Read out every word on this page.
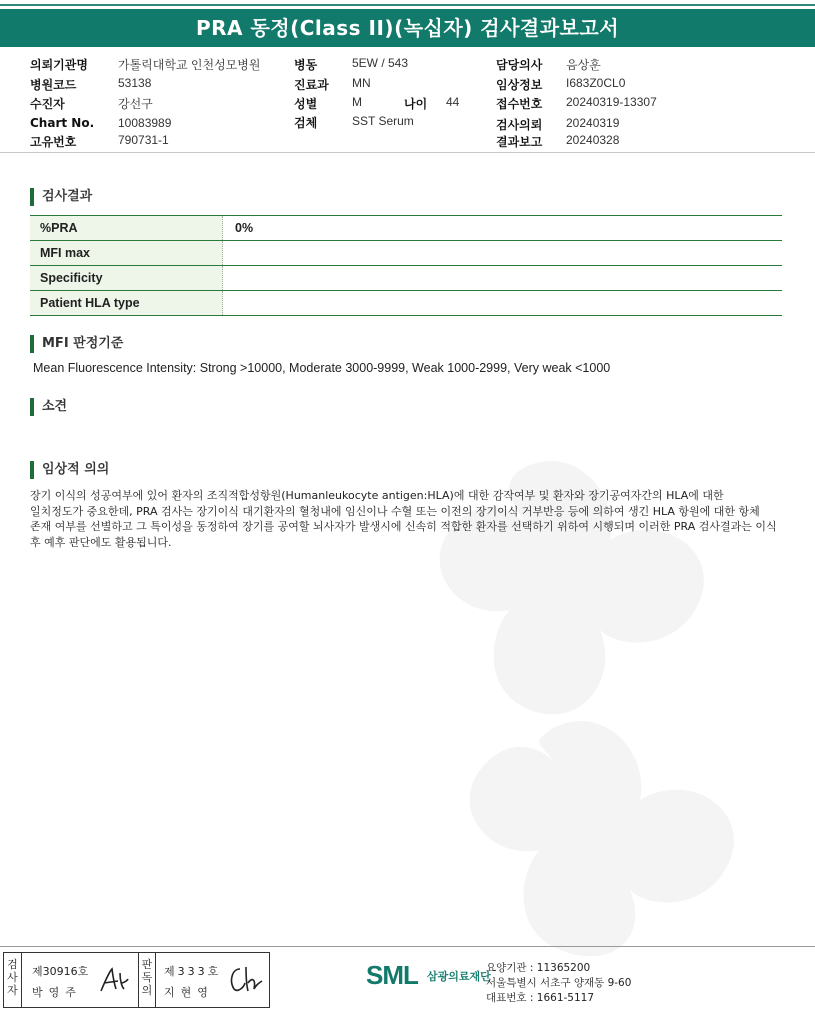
PRA 동정(Class II)(녹십자) 검사결과보고서
의뢰기관명	가톨릭대학교 인천성모병원
병원코드	53138
수진자	강선구
Chart No. 10083989
고유번호	790731-1
병동	5EW / 543
진료과 MN
성별	M	나이 44
검체	SST Serum
담당의사 음상훈
임상정보 I683Z0CL0
접수번호 20240319-13307
검사의뢰 20240319
결과보고 20240328
검사결과
%PRA	0%
MFI max	
Specificity	
Patient HLA type	
MFI 판정기준
Mean Fluorescence Intensity: Strong >10000, Moderate 3000-9999, Weak 1000-2999, Very weak <1000
소견
임상적 의의
장기 이식의 성공여부에 있어 환자의 조직적합성항원(Humanleukocyte antigen:HLA)에 대한 감작여부 및 환자와 장기공여자간의 HLA에 대한
일치정도가 중요한데, PRA 검사는 장기이식 대기환자의 혈청내에 임신이나 수혈 또는 이전의 장기이식 거부반응 등에 의하여 생긴 HLA 항원에 대한 항체
존재 여부를 선별하고 그 특이성을 동정하여 장기를 공여할 뇌사자가 발생시에 신속히 적합한 환자를 선택하기 위하여 시행되며 이러한 PRA 검사결과는 이식
후 예후 판단에도 활용됩니다.
검사자
제30916호
박영주
판독의
제333호
지현영
SML $^{삼광의료재단}$
요양기관 : 11365200
서울특별시 서초구 양재동 9-60
대표번호 : 1661-5117
